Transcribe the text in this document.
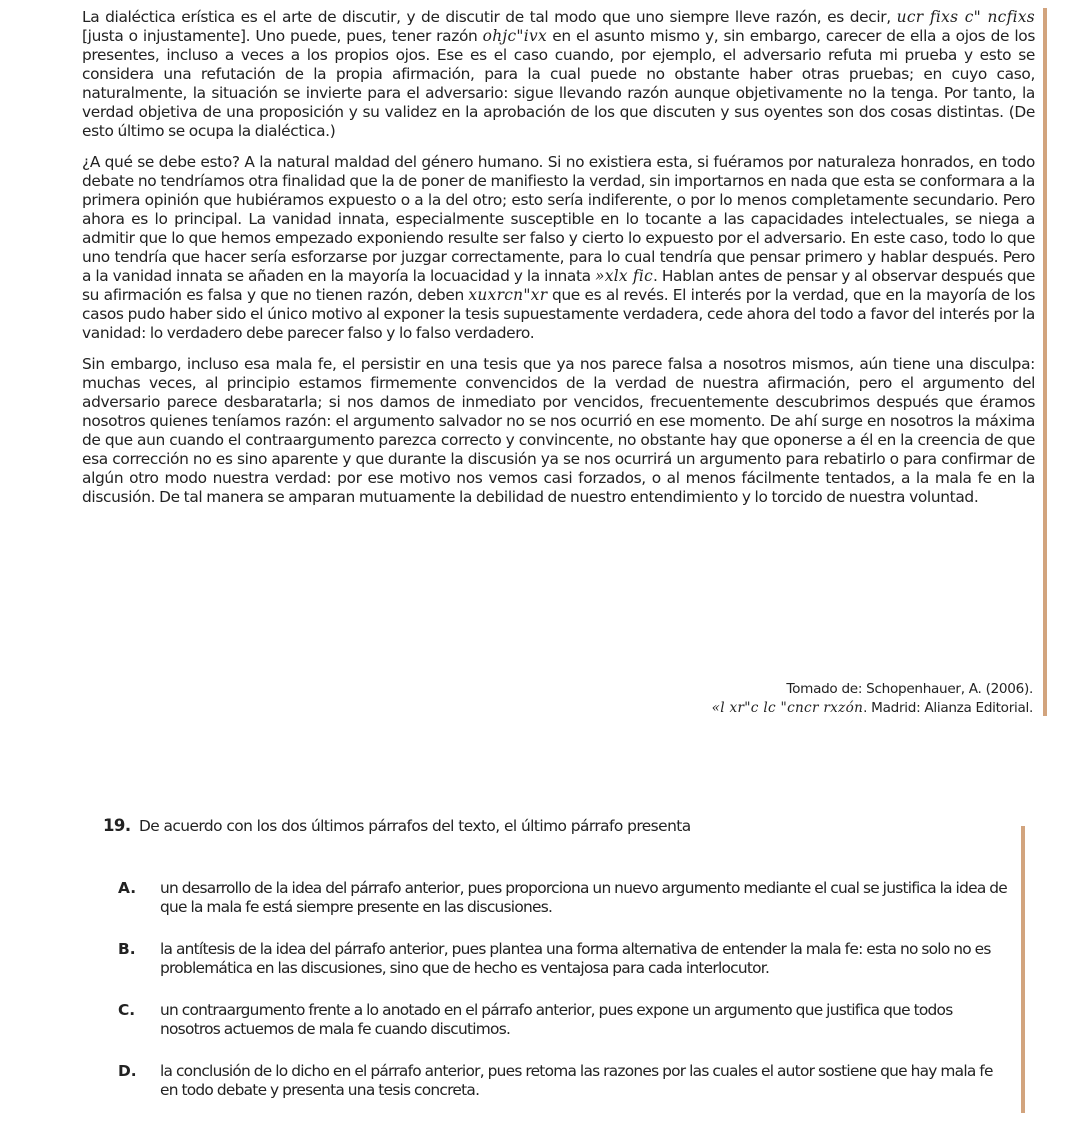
La dialéctica erística es el arte de discutir, y de discutir de tal modo que uno siempre lleve razón, es decir, ucr fixs c" ncfixs [justa o injustamente]. Uno puede, pues, tener razón ohjc"ivx en el asunto mismo y, sin embargo, carecer de ella a ojos de los presentes, incluso a veces a los propios ojos. Ese es el caso cuando, por ejemplo, el adversario refuta mi prueba y esto se considera una refutación de la propia afirmación, para la cual puede no obstante haber otras pruebas; en cuyo caso, naturalmente, la situación se invierte para el adversario: sigue llevando razón aunque objetivamente no la tenga. Por tanto, la verdad objetiva de una proposición y su validez en la aprobación de los que discuten y sus oyentes son dos cosas distintas. (De esto último se ocupa la dialéctica.)

¿A qué se debe esto? A la natural maldad del género humano. Si no existiera esta, si fuéramos por naturaleza honrados, en todo debate no tendríamos otra finalidad que la de poner de manifiesto la verdad, sin importarnos en nada que esta se conformara a la primera opinión que hubiéramos expuesto o a la del otro; esto sería indiferente, o por lo menos completamente secundario. Pero ahora es lo principal. La vanidad innata, especialmente susceptible en lo tocante a las capacidades intelectuales, se niega a admitir que lo que hemos empezado exponiendo resulte ser falso y cierto lo expuesto por el adversario. En este caso, todo lo que uno tendría que hacer sería esforzarse por juzgar correctamente, para lo cual tendría que pensar primero y hablar después. Pero a la vanidad innata se añaden en la mayoría la locuacidad y la innata »xlx fic. Hablan antes de pensar y al observar después que su afirmación es falsa y que no tienen razón, deben xuxrcn"xr que es al revés. El interés por la verdad, que en la mayoría de los casos pudo haber sido el único motivo al exponer la tesis supuestamente verdadera, cede ahora del todo a favor del interés por la vanidad: lo verdadero debe parecer falso y lo falso verdadero.

Sin embargo, incluso esa mala fe, el persistir en una tesis que ya nos parece falsa a nosotros mismos, aún tiene una disculpa: muchas veces, al principio estamos firmemente convencidos de la verdad de nuestra afirmación, pero el argumento del adversario parece desbaratarla; si nos damos de inmediato por vencidos, frecuentemente descubrimos después que éramos nosotros quienes teníamos razón: el argumento salvador no se nos ocurrió en ese momento. De ahí surge en nosotros la máxima de que aun cuando el contraargumento parezca correcto y convincente, no obstante hay que oponerse a él en la creencia de que esa corrección no es sino aparente y que durante la discusión ya se nos ocurrirá un argumento para rebatirlo o para confirmar de algún otro modo nuestra verdad: por ese motivo nos vemos casi forzados, o al menos fácilmente tentados, a la mala fe en la discusión. De tal manera se amparan mutuamente la debilidad de nuestro entendimiento y lo torcido de nuestra voluntad.

Tomado de: Schopenhauer, A. (2006).
«l xr"c lc "cncr rxzón. Madrid: Alianza Editorial.
19. De acuerdo con los dos últimos párrafos del texto, el último párrafo presenta
A. un desarrollo de la idea del párrafo anterior, pues proporciona un nuevo argumento mediante el cual se justifica la idea de que la mala fe está siempre presente en las discusiones.
B. la antítesis de la idea del párrafo anterior, pues plantea una forma alternativa de entender la mala fe: esta no solo no es problemática en las discusiones, sino que de hecho es ventajosa para cada interlocutor.
C. un contraargumento frente a lo anotado en el párrafo anterior, pues expone un argumento que justifica que todos nosotros actuemos de mala fe cuando discutimos.
D. la conclusión de lo dicho en el párrafo anterior, pues retoma las razones por las cuales el autor sostiene que hay mala fe en todo debate y presenta una tesis concreta.
